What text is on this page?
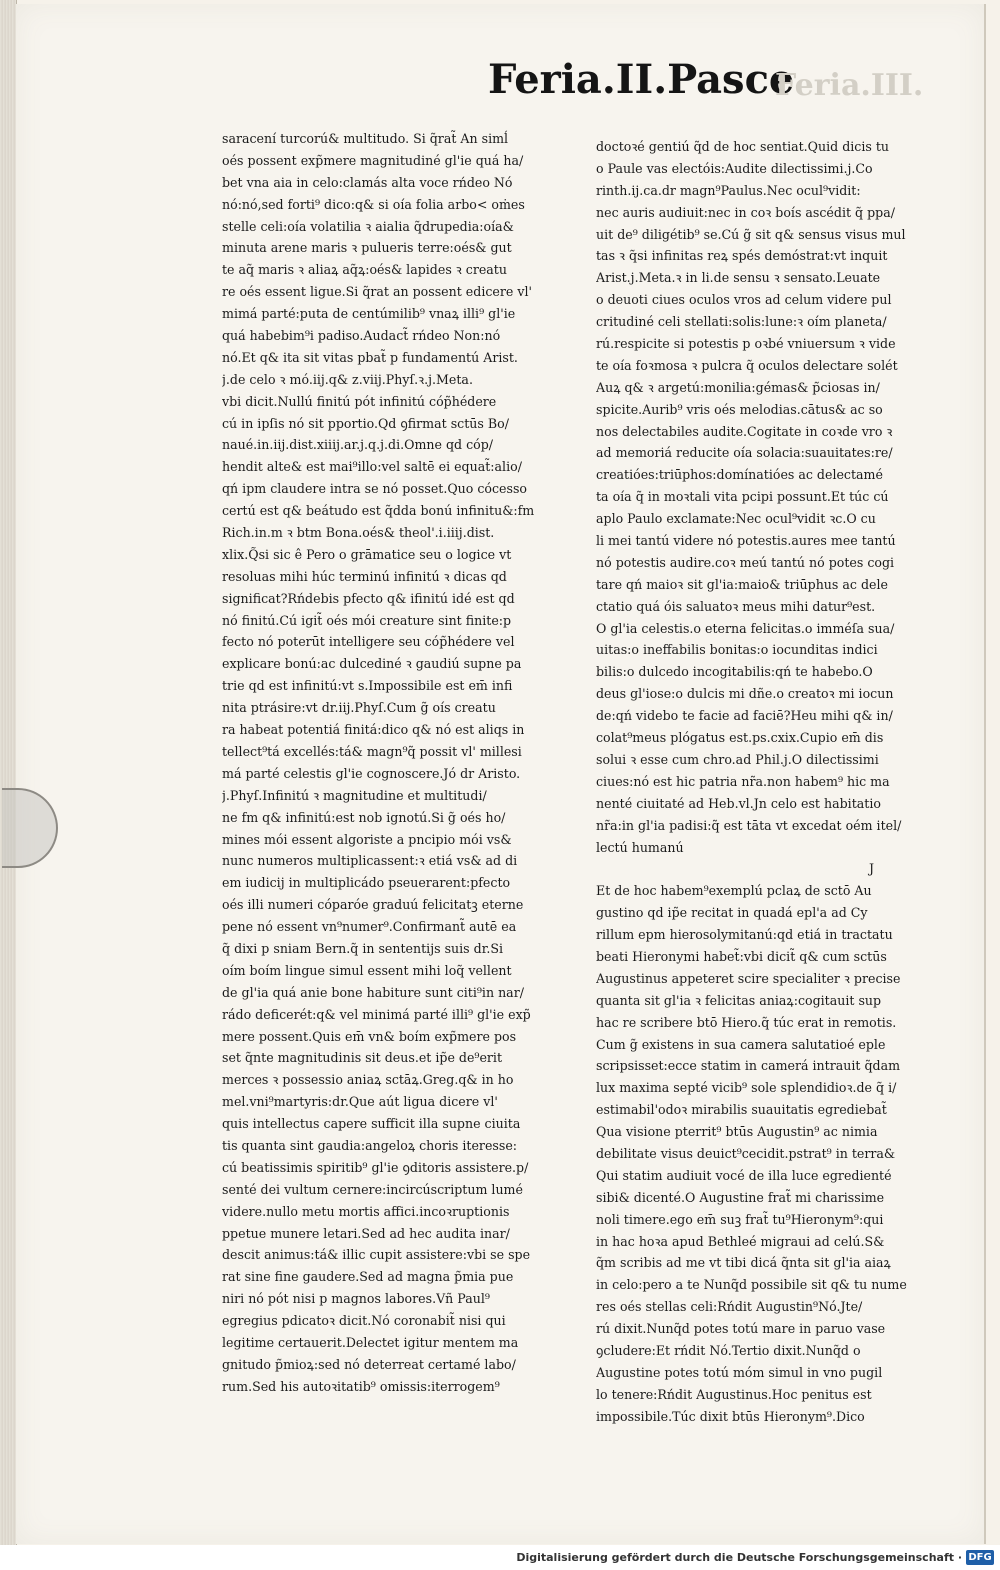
Feria.II.Pasce
Feria.III.
saracení turcorú& multitudo. Si q̃rat̃ An simĺ
oés possent exp̃mere magnitudiné gl'ie quá ha/
bet vna aia in celo:clamás alta voce rńdeo Nó
nó:nó,sed forti⁹ dico:q& si oía folia arbo< oṁes
stelle celi:oía volatilia ꝛ aialia q̃drupedia:oía&
minuta arene maris ꝛ pulueris terre:oés& gut
te aq̃ maris ꝛ aliaꝝ aq̃ꝝ:oés& lapides ꝛ creatu
re oés essent ligue.Si q̃rat an possent edicere vl'
mimá parté:puta de centúmilib⁹ vnaꝝ illi⁹ gl'ie
quá habebim⁹i padiso.Audact̃ rńdeo Non:nó
nó.Et q& ita sit vitas pbat̃ p fundamentú Arist.
j.de celo ꝛ mó.iij.q& z.viij.Phyſ.ꝛ.j.Meta.
vbi dicit.Nullú finitú pót infinitú cóp̃hédere
cú in ipſis nó sit pportio.Qd ꝯfirmat sctūs Bo/
naué.in.iij.dist.xiiij.ar.j.q.j.di.Omne qd cóp/
hendit alte& est mai⁹illo:vel saltē ei equat̃:alio/
qń ipm claudere intra se nó posset.Quo cócesso
certú est q& beátudo est q̃dda bonú infinitu&:fm
Rich.in.m ꝛ btm Bona.oés& theol'.i.iiij.dist.
xlix.Q̃si sic ê Pero o grāmatice seu o logice vt
resoluas mihi húc terminú infinitú ꝛ dicas qd
significat?Rńdebis pfecto q& ifinitú idé est qd
nó finitú.Cú igit̃ oés mói creature sint finite:p
fecto nó poterūt intelligere seu cóp̃hédere vel
explicare bonú:ac dulcediné ꝛ gaudiú supne pa
trie qd est infinitú:vt s.Impossibile est em̄ infi
nita ptrásire:vt dr.iij.Phyſ.Cum g̃ oís creatu
ra habeat potentiá finitá:dico q& nó est aliqs in
tellect⁹tá excellés:tá& magn⁹q̃ possit vl' millesi
má parté celestis gl'ie cognoscere.Jó dr Aristo.
j.Phyſ.Infinitú ꝛ magnitudine et multitudi/
ne fm q& infinitú:est nob ignotú.Si g̃ oés ho/
mines mói essent algoriste a pncipio mói vs&
nunc numeros multiplicassent:ꝛ etiá vs& ad di
em iudicij in multiplicádo pseuerarent:pfecto
oés illi numeri cóparóe graduú felicitatꝫ eterne
pene nó essent vn⁹numer⁹.Confirmant̃ autē ea
q̃ dixi p sniam Bern.q̃ in sententijs suis dr.Si
oím boím lingue simul essent mihi loq̃ vellent
de gl'ia quá anie bone habiture sunt citi⁹in nar/
rádo deficerét:q& vel minimá parté illi⁹ gl'ie exp̃
mere possent.Quis em̄ vn& boím exp̃mere pos
set q̃nte magnitudinis sit deus.et ip̃e de⁹erit
merces ꝛ possessio aniaꝝ sctāꝝ.Greg.q& in ho
mel.vni⁹martyris:dr.Que aút ligua dicere vl'
quis intellectus capere sufficit illa supne ciuita
tis quanta sint gaudia:angeloꝝ choris iteresse:
cú beatissimis spiritib⁹ gl'ie ꝯditoris assistere.p/
senté dei vultum cernere:incircúscriptum lumé
videre.nullo metu mortis affici.incoꝛruptionis
ppetue munere letari.Sed ad hec audita inar/
descit animus:tá& illic cupit assistere:vbi se spe
rat sine fine gaudere.Sed ad magna p̃mia pue
niri nó pót nisi p magnos labores.Vñ Paul⁹
egregius pdicatoꝛ dicit.Nó coronabit̃ nisi qui
legitime certauerit.Delectet igitur mentem ma
gnitudo p̃mioꝝ:sed nó deterreat certamé labo/
rum.Sed his autoꝛitatib⁹ omissis:iterrogem⁹
doctoꝛé gentiú q̃d de hoc sentiat.Quid dicis tu
o Paule vas electóis:Audite dilectissimi.j.Co
rinth.ij.ca.dr magn⁹Paulus.Nec ocul⁹vidit:
nec auris audiuit:nec in coꝛ boís ascédit q̃ ppa/
uit de⁹ diligétib⁹ se.Cú g̃ sit q& sensus visus mul
tas ꝛ q̃si infinitas reꝝ spés demóstrat:vt inquit
Arist.j.Meta.ꝛ in li.de sensu ꝛ sensato.Leuate
o deuoti ciues oculos vros ad celum videre pul
critudiné celi stellati:solis:lune:ꝛ oím planeta/
rú.respicite si potestis p oꝛbé vniuersum ꝛ vide
te oía foꝛmosa ꝛ pulcra q̃ oculos delectare solét
Auꝝ q& ꝛ argetú:monilia:gémas& p̃ciosas in/
spicite.Aurib⁹ vris oés melodias.cātus& ac so
nos delectabiles audite.Cogitate in coꝛde vro ꝛ
ad memoriá reducite oía solacia:suauitates:re/
creatióes:triūphos:domínatióes ac delectamé
ta oía q̃ in moꝛtali vita pcipi possunt.Et túc cú
aplo Paulo exclamate:Nec ocul⁹vidit ꝛc.O cu
li mei tantú videre nó potestis.aures mee tantú
nó potestis audire.coꝛ meú tantú nó potes cogi
tare qń maioꝛ sit gl'ia:maio& triūphus ac dele
ctatio quá óis saluatoꝛ meus mihi datur⁹est.
O gl'ia celestis.o eterna felicitas.o imméſa sua/
uitas:o ineffabilis bonitas:o iocunditas indici
bilis:o dulcedo incogitabilis:qń te habebo.O
deus gl'iose:o dulcis mi dñe.o creatoꝛ mi iocun
de:qń videbo te facie ad faciē?Heu mihi q& in/
colat⁹meus plógatus est.ps.cxix.Cupio em̄ dis
solui ꝛ esse cum chro.ad Phil.j.O dilectissimi
ciues:nó est hic patria nr̃a.non habem⁹ hic ma
nenté ciuitaté ad Heb.vl.Jn celo est habitatio
nr̃a:in gl'ia padisi:q̃ est tāta vt excedat oém itel/
lectú humanú
J
Et de hoc habem⁹exemplú pclaꝝ de sctō Au
gustino qd ip̃e recitat in quadá epl'a ad Cy
rillum epm hierosolymitanú:qd etiá in tractatu
beati Hieronymi habet̃:vbi dicit̃ q& cum sctūs
Augustinus appeteret scire specialiter ꝛ precise
quanta sit gl'ia ꝛ felicitas aniaꝝ:cogitauit sup
hac re scribere btō Hiero.q̃ túc erat in remotis.
Cum g̃ existens in sua camera salutatioé eple
scripsisset:ecce statim in camerá intrauit q̃dam
lux maxima septé vicib⁹ sole splendidioꝛ.de q̃ i/
estimabil'odoꝛ mirabilis suauitatis egrediebat̃
Qua visione pterrit⁹ btūs Augustin⁹ ac nimia
debilitate visus deuict⁹cecidit.pstrat⁹ in terra&
Qui statim audiuit vocé de illa luce egredienté
sibi& dicenté.O Augustine frat̃ mi charissime
noli timere.ego em̄ suꝫ frat̃ tu⁹Hieronym⁹:qui
in hac hoꝛa apud Bethleé migraui ad celú.S&
q̃m scribis ad me vt tibi dicá q̃nta sit gl'ia aiaꝝ
in celo:pero a te Nunq̃d possibile sit q& tu nume
res oés stellas celi:Rńdit Augustin⁹Nó.Jte/
rú dixit.Nunq̃d potes totú mare in paruo vase
ꝯcludere:Et rńdit Nó.Tertio dixit.Nunq̃d o
Augustine potes totú móm simul in vno pugil
lo tenere:Rńdit Augustinus.Hoc penitus est
impossibile.Túc dixit btūs Hieronym⁹.Dico
Digitalisierung gefördert durch die Deutsche Forschungsgemeinschaft · DFG
